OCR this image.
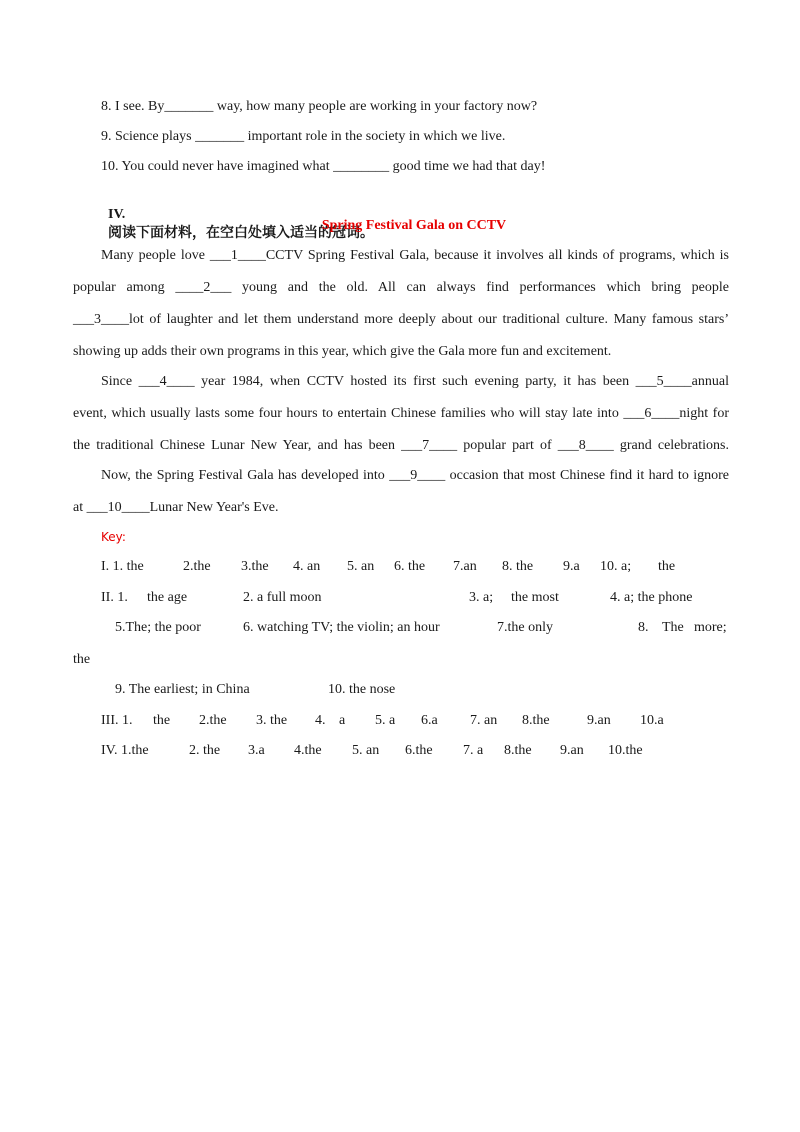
8. I see. By_______ way, how many people are working in your factory now?
9. Science plays _______ important role in the society in which we live.
10. You could never have imagined what ________ good time we had that day!

IV.
阅读下面材料，在空白处填入适当的冠词。

Spring Festival Gala on CCTV
Many people love ___1____CCTV Spring Festival Gala, because it involves all kinds of programs, which is
popular among ____2___ young and the old. All can always find performances which bring people
___3____lot of laughter and let them understand more deeply about our traditional culture. Many famous stars’
showing up adds their own programs in this year, which give the Gala more fun and excitement.
Since ___4____ year 1984, when CCTV hosted its first such evening party, it has been ___5____annual
event, which usually lasts some four hours to entertain Chinese families who will stay late into ___6____night for
the traditional Chinese Lunar New Year, and has been ___7____ popular part of ___8____ grand celebrations.
Now, the Spring Festival Gala has developed into ___9____ occasion that most Chinese find it hard to ignore
at ___10____Lunar New Year's Eve.
Key:
I. 1. the	2.the 3.the 4. an 5. an 6. the 7.an 8. the 9.a 10. a; the
II. 1. the age	2. a full moon	3. a; the most	4. a; the phone
5.The; the poor	6. watching TV; the violin; an hour	7.the only	8. The more;
the
9. The earliest; in China	10. the nose
III. 1. the 2.the 3. the 4. a 5. a 6.a 7. an 8.the	9.an 10.a
IV. 1.the	2. the 3.a 4.the 5. an 6.the 7. a 8.the 9.an 10.the
